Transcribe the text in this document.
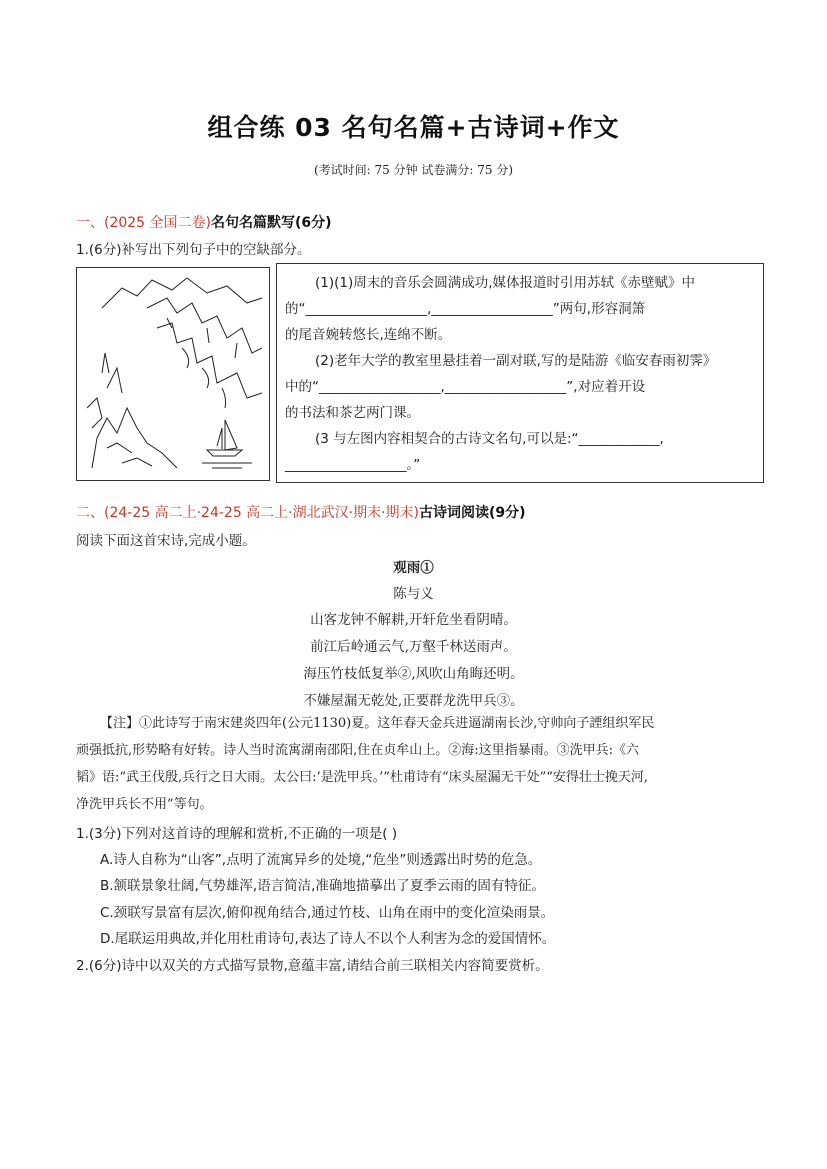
组合练 03 名句名篇+古诗词+作文
(考试时间: 75 分钟 试卷满分: 75 分)
一、(2025 全国二卷)名句名篇默写(6分)
1.(6分)补写出下列句子中的空缺部分。
(1)(1)周末的音乐会圆满成功,媒体报道时引用苏轼《赤壁赋》中
的“__________________,__________________”两句,形容洞箫
的尾音婉转悠长,连绵不断。
(2)老年大学的教室里悬挂着一副对联,写的是陆游《临安春雨初霁》
中的“__________________,__________________”,对应着开设
的书法和茶艺两门课。
(3 与左图内容相契合的古诗文名句,可以是:“____________,
__________________。”
二、(24-25 高二上·24-25 高二上·湖北武汉·期末·期末)古诗词阅读(9分)
阅读下面这首宋诗,完成小题。
观雨①
陈与义
山客龙钟不解耕,开轩危坐看阴晴。
前江后岭通云气,万壑千林送雨声。
海压竹枝低复举②,风吹山角晦还明。
不嫌屋漏无乾处,正要群龙洗甲兵③。
【注】①此诗写于南宋建炎四年(公元1130)夏。这年春天金兵进逼湖南长沙,守帅向子諲组织军民
顽强抵抗,形势略有好转。诗人当时流寓湖南邵阳,住在贞牟山上。②海:这里指暴雨。③洗甲兵:《六
韬》语:“武王伐殷,兵行之日大雨。太公曰:‘是洗甲兵。’”杜甫诗有“床头屋漏无干处”“安得壮士挽天河,
净洗甲兵长不用”等句。
1.(3分)下列对这首诗的理解和赏析,不正确的一项是( )
A.诗人自称为“山客”,点明了流寓异乡的处境,“危坐”则透露出时势的危急。
B.颔联景象壮阔,气势雄浑,语言简洁,准确地描摹出了夏季云雨的固有特征。
C.颈联写景富有层次,俯仰视角结合,通过竹枝、山角在雨中的变化渲染雨景。
D.尾联运用典故,并化用杜甫诗句,表达了诗人不以个人利害为念的爱国情怀。
2.(6分)诗中以双关的方式描写景物,意蕴丰富,请结合前三联相关内容简要赏析。
